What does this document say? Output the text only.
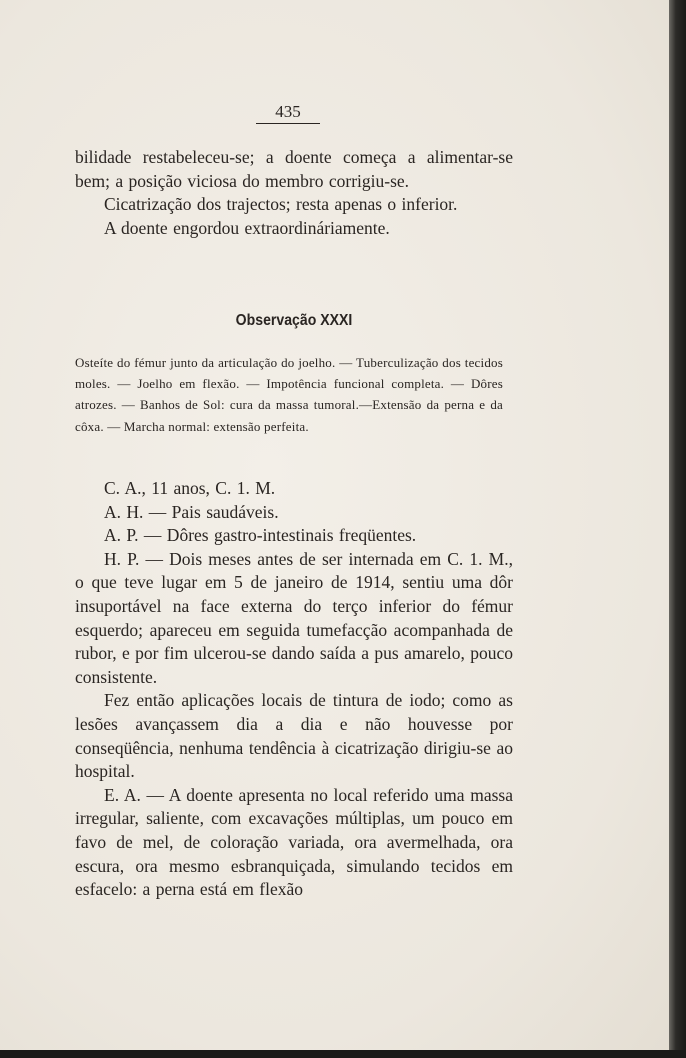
435

bilidade restabeleceu-se; a doente começa a alimentar-se bem; a posição viciosa do membro corrigiu-se.

Cicatrização dos trajectos; resta apenas o inferior.

A doente engordou extraordináriamente.

Observação XXXI

Osteíte do fémur junto da articulação do joelho. — Tuberculização dos tecidos moles. — Joelho em flexão. — Impotência funcional completa. — Dôres atrozes. — Banhos de Sol: cura da massa tumoral.—Extensão da perna e da côxa. — Marcha normal: extensão perfeita.

C. A., 11 anos, C. 1. M.

A. H. — Pais saudáveis.

A. P. — Dôres gastro-intestinais freqüentes.

H. P. — Dois meses antes de ser internada em C. 1. M., o que teve lugar em 5 de janeiro de 1914, sentiu uma dôr insuportável na face externa do terço inferior do fémur esquerdo; apareceu em seguida tumefacção acompanhada de rubor, e por fim ulcerou-se dando saída a pus amarelo, pouco consistente.

Fez então aplicações locais de tintura de iodo; como as lesões avançassem dia a dia e não houvesse por conseqüência, nenhuma tendência à cicatrização dirigiu-se ao hospital.

E. A. — A doente apresenta no local referido uma massa irregular, saliente, com excavações múltiplas, um pouco em favo de mel, de coloração variada, ora avermelhada, ora escura, ora mesmo esbranquiçada, simulando tecidos em esfacelo: a perna está em flexão
